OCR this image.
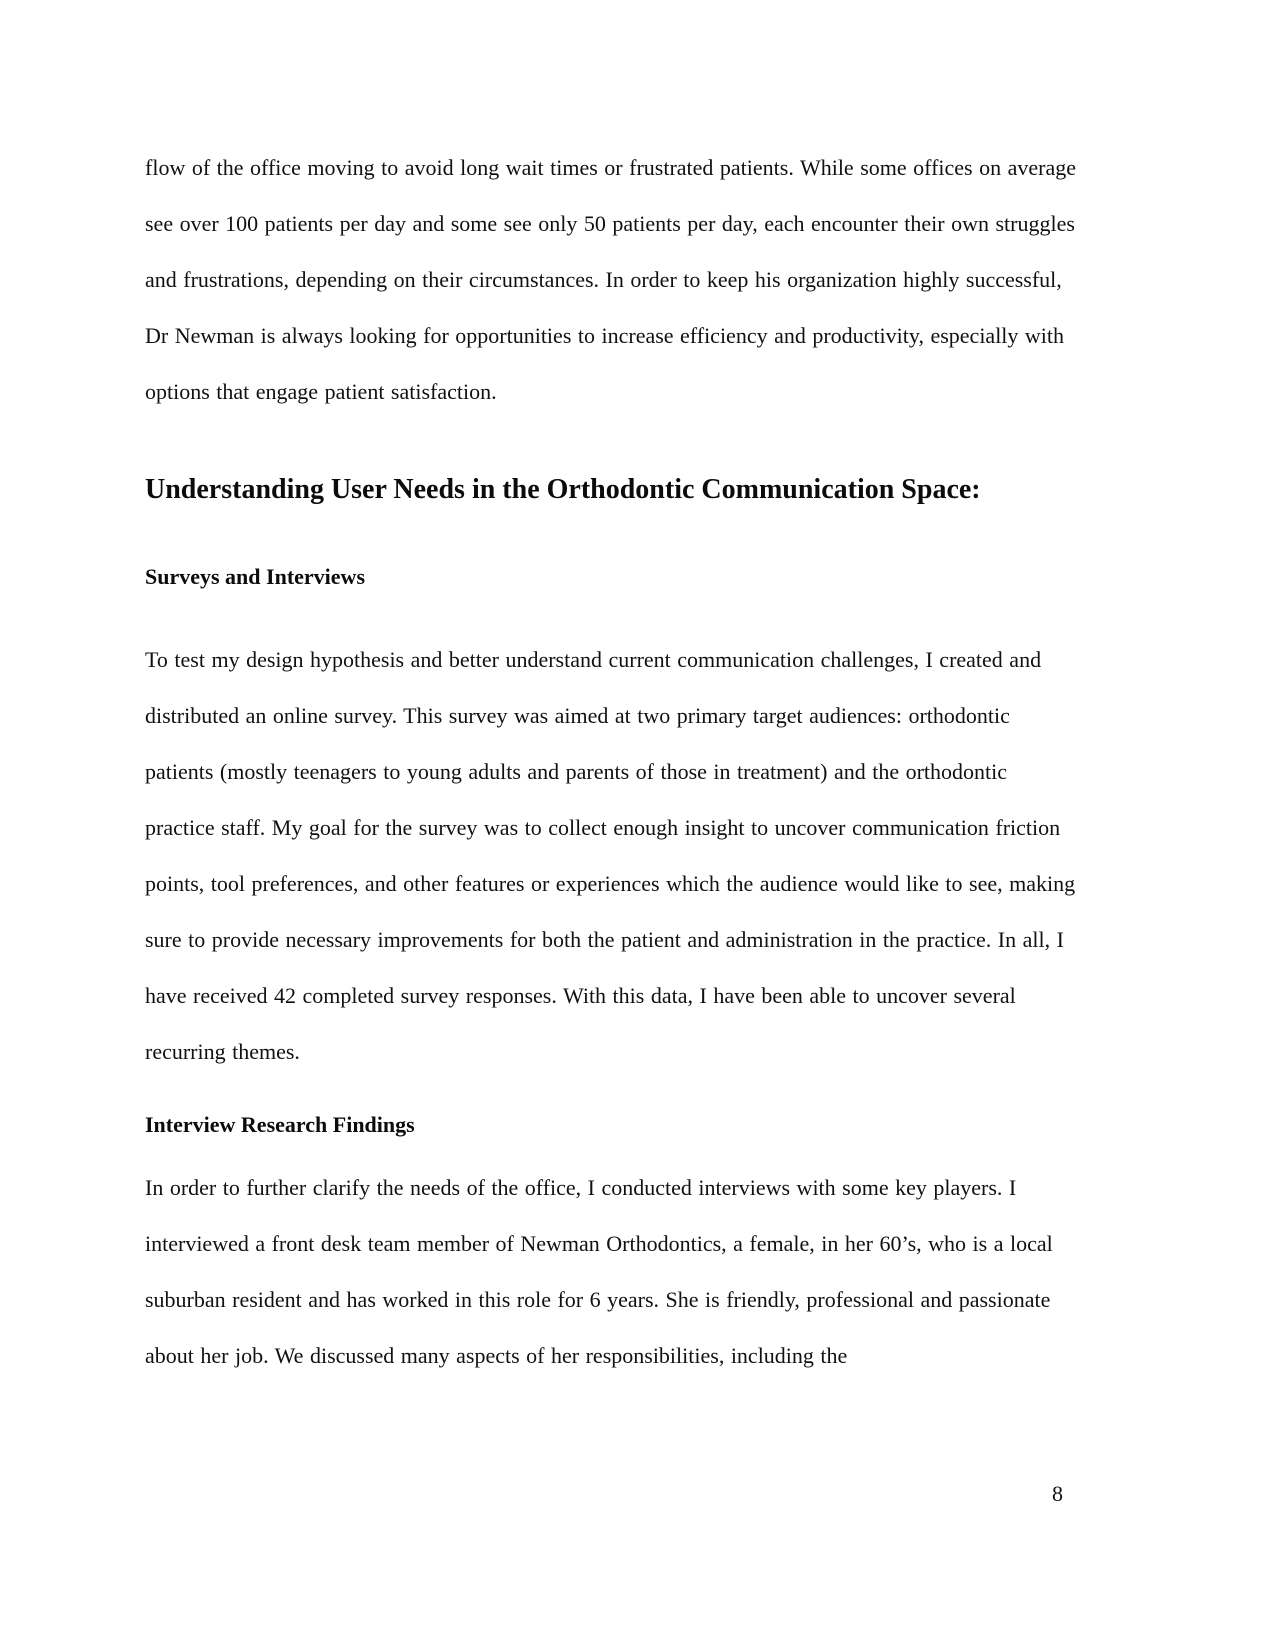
flow of the office moving to avoid long wait times or frustrated patients. While some offices on average see over 100 patients per day and some see only 50 patients per day, each encounter their own struggles and frustrations, depending on their circumstances. In order to keep his organization highly successful, Dr Newman is always looking for opportunities to increase efficiency and productivity, especially with options that engage patient satisfaction.

Understanding User Needs in the Orthodontic Communication Space:
Surveys and Interviews

To test my design hypothesis and better understand current communication challenges, I created and distributed an online survey. This survey was aimed at two primary target audiences: orthodontic patients (mostly teenagers to young adults and parents of those in treatment) and the orthodontic practice staff. My goal for the survey was to collect enough insight to uncover communication friction points, tool preferences, and other features or experiences which the audience would like to see, making sure to provide necessary improvements for both the patient and administration in the practice. In all, I have received 42 completed survey responses. With this data, I have been able to uncover several recurring themes.

Interview Research Findings

In order to further clarify the needs of the office, I conducted interviews with some key players. I interviewed a front desk team member of Newman Orthodontics, a female, in her 60’s, who is a local suburban resident and has worked in this role for 6 years. She is friendly, professional and passionate about her job. We discussed many aspects of her responsibilities, including the

8
